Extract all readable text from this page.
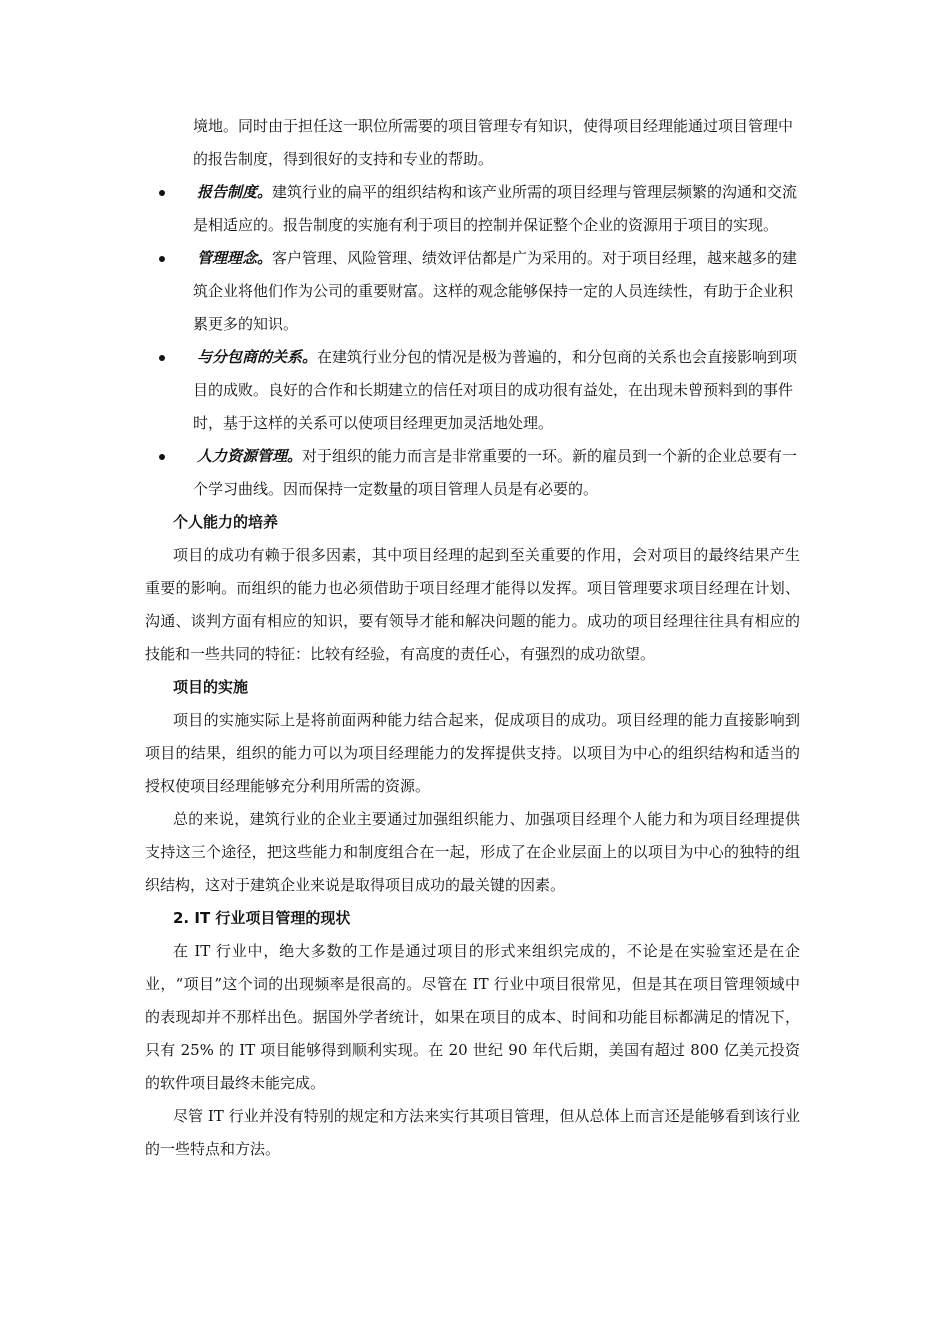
境地。同时由于担任这一职位所需要的项目管理专有知识，使得项目经理能通过项目管理中的报告制度，得到很好的支持和专业的帮助。

报告制度。建筑行业的扁平的组织结构和该产业所需的项目经理与管理层频繁的沟通和交流是相适应的。报告制度的实施有利于项目的控制并保证整个企业的资源用于项目的实现。
管理理念。客户管理、风险管理、绩效评估都是广为采用的。对于项目经理，越来越多的建筑企业将他们作为公司的重要财富。这样的观念能够保持一定的人员连续性，有助于企业积累更多的知识。
与分包商的关系。在建筑行业分包的情况是极为普遍的，和分包商的关系也会直接影响到项目的成败。良好的合作和长期建立的信任对项目的成功很有益处，在出现未曾预料到的事件时，基于这样的关系可以使项目经理更加灵活地处理。
人力资源管理。对于组织的能力而言是非常重要的一环。新的雇员到一个新的企业总要有一个学习曲线。因而保持一定数量的项目管理人员是有必要的。
个人能力的培养

项目的成功有赖于很多因素，其中项目经理的起到至关重要的作用，会对项目的最终结果产生重要的影响。而组织的能力也必须借助于项目经理才能得以发挥。项目管理要求项目经理在计划、沟通、谈判方面有相应的知识，要有领导才能和解决问题的能力。成功的项目经理往往具有相应的技能和一些共同的特征：比较有经验，有高度的责任心，有强烈的成功欲望。

项目的实施

项目的实施实际上是将前面两种能力结合起来，促成项目的成功。项目经理的能力直接影响到项目的结果，组织的能力可以为项目经理能力的发挥提供支持。以项目为中心的组织结构和适当的授权使项目经理能够充分利用所需的资源。

总的来说，建筑行业的企业主要通过加强组织能力、加强项目经理个人能力和为项目经理提供支持这三个途径，把这些能力和制度组合在一起，形成了在企业层面上的以项目为中心的独特的组织结构，这对于建筑企业来说是取得项目成功的最关键的因素。

2. IT 行业项目管理的现状

在 IT 行业中，绝大多数的工作是通过项目的形式来组织完成的，不论是在实验室还是在企业，“项目”这个词的出现频率是很高的。尽管在 IT 行业中项目很常见，但是其在项目管理领域中的表现却并不那样出色。据国外学者统计，如果在项目的成本、时间和功能目标都满足的情况下，只有 25% 的 IT 项目能够得到顺利实现。在 20 世纪 90 年代后期，美国有超过 800 亿美元投资的软件项目最终未能完成。

尽管 IT 行业并没有特别的规定和方法来实行其项目管理，但从总体上而言还是能够看到该行业的一些特点和方法。
